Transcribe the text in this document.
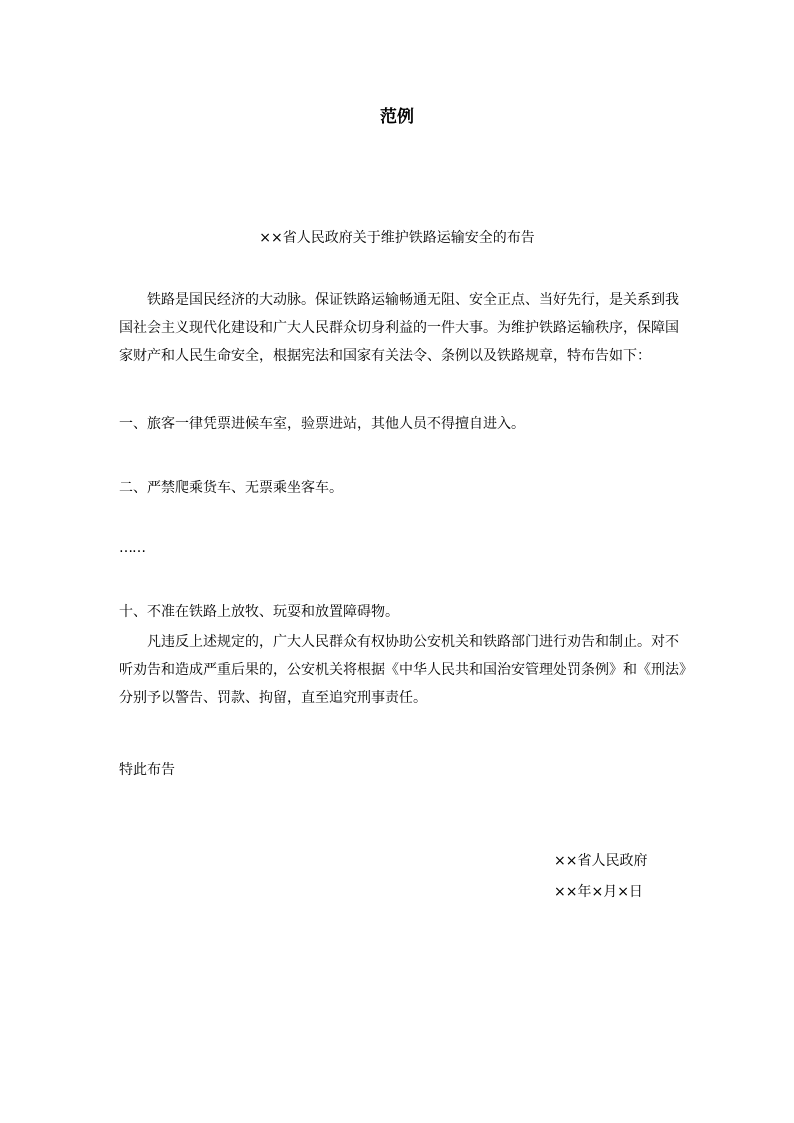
范例
××省人民政府关于维护铁路运输安全的布告

铁路是国民经济的大动脉。保证铁路运输畅通无阻、安全正点、当好先行，是关系到我国社会主义现代化建设和广大人民群众切身利益的一件大事。为维护铁路运输秩序，保障国家财产和人民生命安全，根据宪法和国家有关法令、条例以及铁路规章，特布告如下：

一、旅客一律凭票进候车室，验票进站，其他人员不得擅自进入。

二、严禁爬乘货车、无票乘坐客车。

……

十、不准在铁路上放牧、玩耍和放置障碍物。

凡违反上述规定的，广大人民群众有权协助公安机关和铁路部门进行劝告和制止。对不听劝告和造成严重后果的，公安机关将根据《中华人民共和国治安管理处罚条例》和《刑法》分别予以警告、罚款、拘留，直至追究刑事责任。

特此布告

××省人民政府
××年×月×日
